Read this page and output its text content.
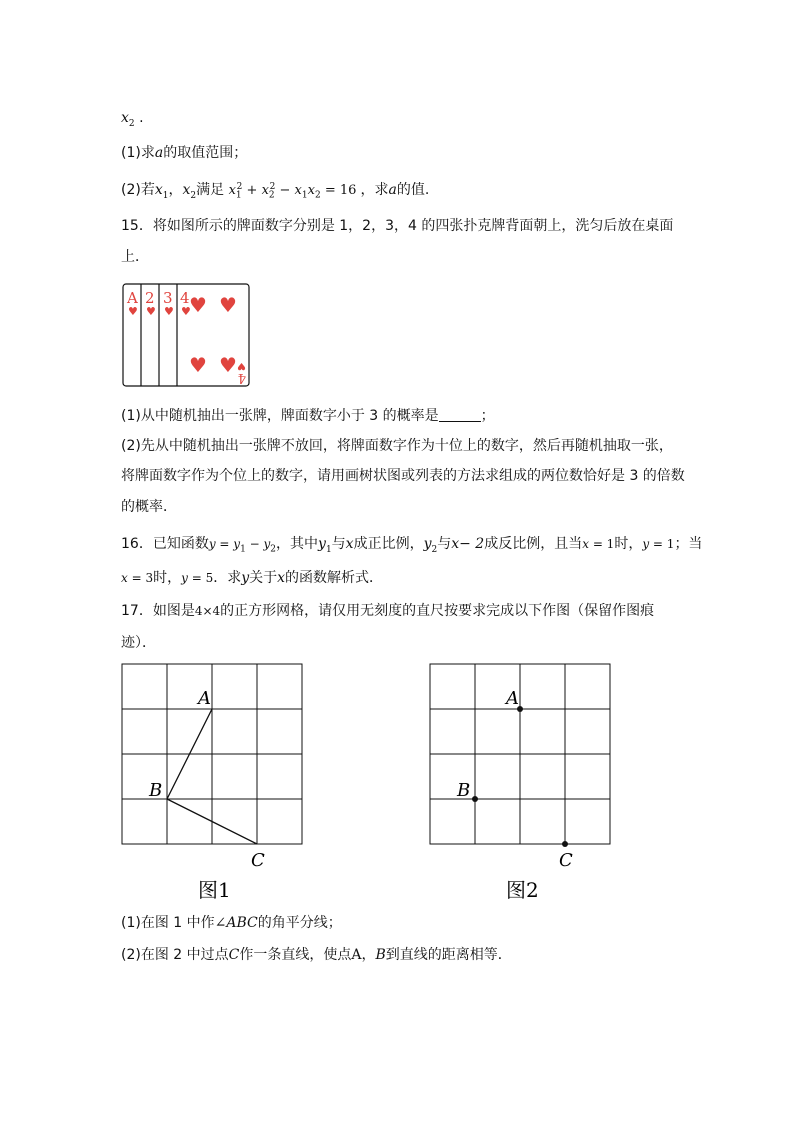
$x_2$ .
(1)求a的取值范围；
(2)若$x_1$，$x_2$满足 $x_1^2 + x_2^2 - x_1x_2 = 16$ ，求a的值.
15．将如图所示的牌面数字分别是 1，2，3，4 的四张扑克牌背面朝上，洗匀后放在桌面
上．
A
♥
2
♥
3
♥
4
♥
♥ ♥
♥ ♥
4
♥
(1)从中随机抽出一张牌，牌面数字小于 3 的概率是	；
(2)先从中随机抽出一张牌不放回，将牌面数字作为十位上的数字，然后再随机抽取一张，
将牌面数字作为个位上的数字，请用画树状图或列表的方法求组成的两位数恰好是 3 的倍数
的概率．
16．已知函数$y = y_1 - y_2$，其中$y_1$与x成正比例，$y_2$与x− 2成反比例，且当x = 1时，y = 1；当
x = 3时，y = 5．求y关于x的函数解析式．
17．如图是4×4的正方形网格，请仅用无刻度的直尺按要求完成以下作图（保留作图痕
迹）．
A
B
C
图1
A
B
C
图2
(1)在图 1 中作∠ABC的角平分线；
(2)在图 2 中过点C作一条直线，使点A，B到直线的距离相等．
